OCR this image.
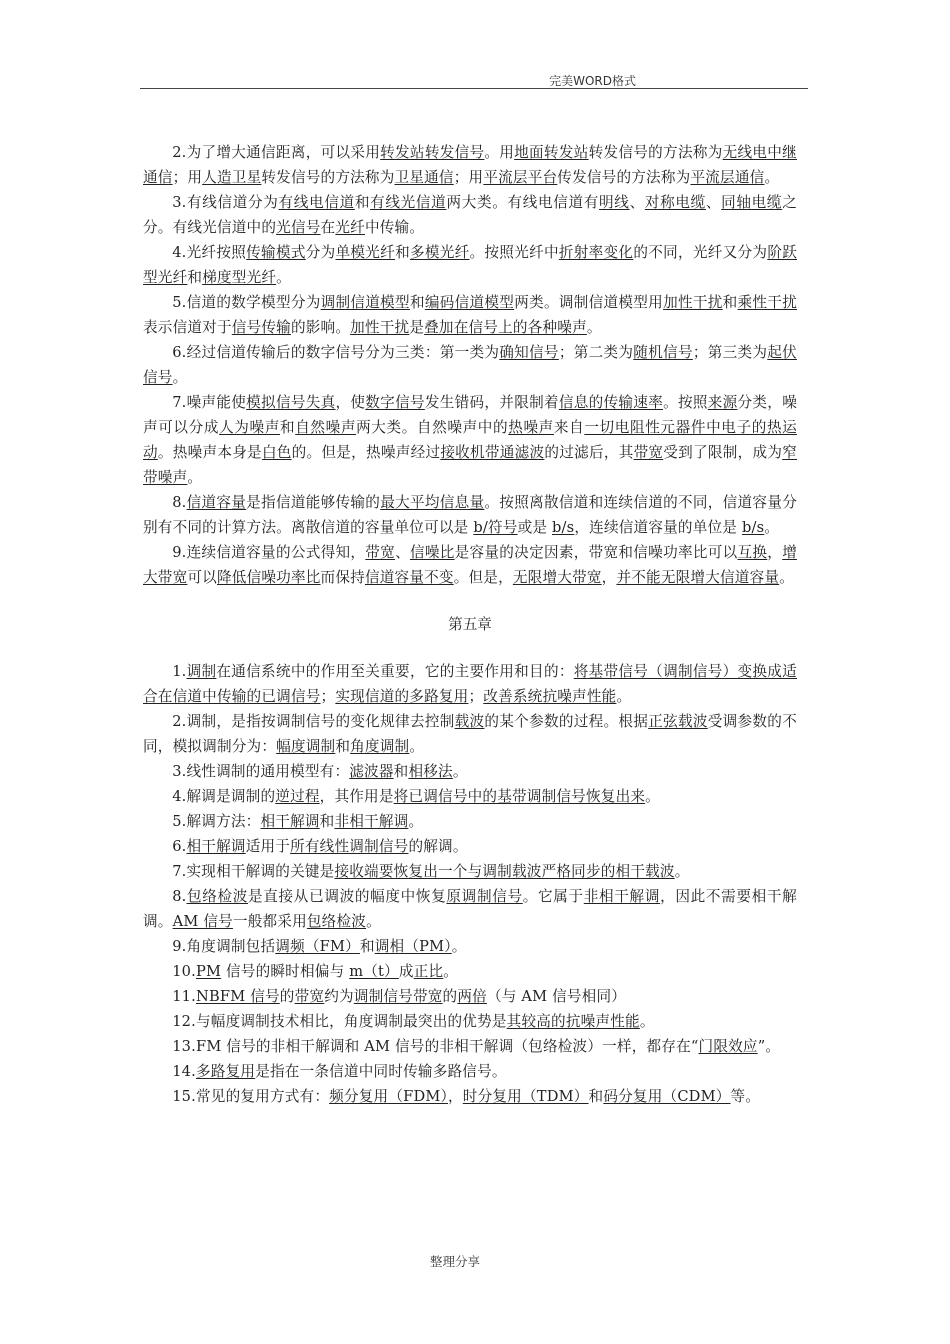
完美WORD格式

2.为了增大通信距离，可以采用转发站转发信号。用地面转发站转发信号的方法称为无线电中继通信；用人造卫星转发信号的方法称为卫星通信；用平流层平台传发信号的方法称为平流层通信。

3.有线信道分为有线电信道和有线光信道两大类。有线电信道有明线、对称电缆、同轴电缆之分。有线光信道中的光信号在光纤中传输。

4.光纤按照传输模式分为单模光纤和多模光纤。按照光纤中折射率变化的不同，光纤又分为阶跃型光纤和梯度型光纤。

5.信道的数学模型分为调制信道模型和编码信道模型两类。调制信道模型用加性干扰和乘性干扰表示信道对于信号传输的影响。加性干扰是叠加在信号上的各种噪声。

6.经过信道传输后的数字信号分为三类：第一类为确知信号；第二类为随机信号；第三类为起伏信号。

7.噪声能使模拟信号失真，使数字信号发生错码，并限制着信息的传输速率。按照来源分类，噪声可以分成人为噪声和自然噪声两大类。自然噪声中的热噪声来自一切电阻性元器件中电子的热运动。热噪声本身是白色的。但是，热噪声经过接收机带通滤波的过滤后，其带宽受到了限制，成为窄带噪声。

8.信道容量是指信道能够传输的最大平均信息量。按照离散信道和连续信道的不同，信道容量分别有不同的计算方法。离散信道的容量单位可以是 b/符号或是 b/s，连续信道容量的单位是 b/s。

9.连续信道容量的公式得知，带宽、信噪比是容量的决定因素，带宽和信噪功率比可以互换，增大带宽可以降低信噪功率比而保持信道容量不变。但是，无限增大带宽，并不能无限增大信道容量。

第五章

1.调制在通信系统中的作用至关重要，它的主要作用和目的：将基带信号（调制信号）变换成适合在信道中传输的已调信号；实现信道的多路复用；改善系统抗噪声性能。

2.调制，是指按调制信号的变化规律去控制载波的某个参数的过程。根据正弦载波受调参数的不同，模拟调制分为：幅度调制和角度调制。

3.线性调制的通用模型有：滤波器和相移法。

4.解调是调制的逆过程，其作用是将已调信号中的基带调制信号恢复出来。

5.解调方法：相干解调和非相干解调。

6.相干解调适用于所有线性调制信号的解调。

7.实现相干解调的关键是接收端要恢复出一个与调制载波严格同步的相干载波。

8.包络检波是直接从已调波的幅度中恢复原调制信号。它属于非相干解调，因此不需要相干解调。AM 信号一般都采用包络检波。

9.角度调制包括调频（FM）和调相（PM）。

10.PM 信号的瞬时相偏与 m（t）成正比。

11.NBFM 信号的带宽约为调制信号带宽的两倍（与 AM 信号相同）

12.与幅度调制技术相比，角度调制最突出的优势是其较高的抗噪声性能。

13.FM 信号的非相干解调和 AM 信号的非相干解调（包络检波）一样，都存在“门限效应”。

14.多路复用是指在一条信道中同时传输多路信号。

15.常见的复用方式有：频分复用（FDM），时分复用（TDM）和码分复用（CDM）等。

整理分享
